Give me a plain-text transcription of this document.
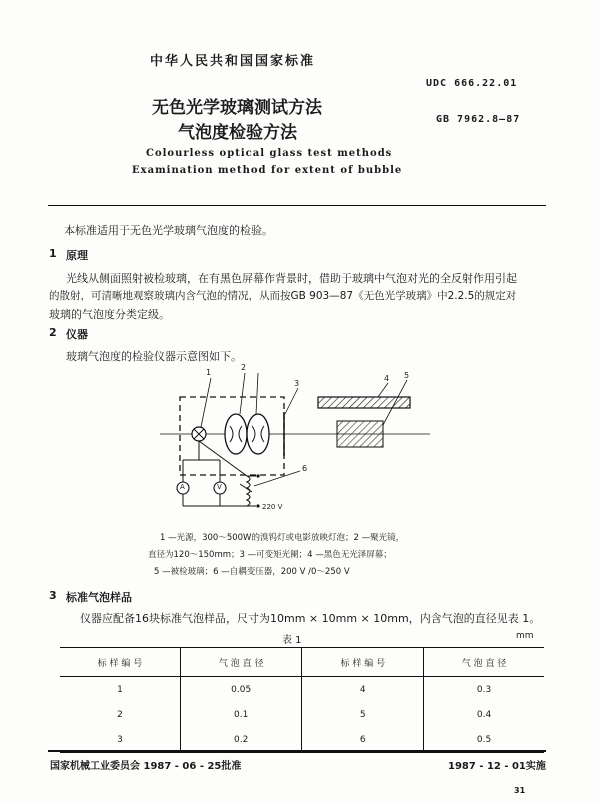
中华人民共和国国家标准
UDC 666.22.01
无色光学玻璃测试方法
气泡度检验方法
GB 7962.8—87
Colourless optical glass test methods
Examination method for extent of bubble
本标准适用于无色光学玻璃气泡度的检验。
1 原理
光线从侧面照射被检玻璃，在有黑色屏幕作背景时，借助于玻璃中气泡对光的全反射作用引起
的散射，可清晰地观察玻璃内含气泡的情况，从而按GB 903—87《无色光学玻璃》中2.2.5的规定对
玻璃的气泡度分类定级。
2 仪器
玻璃气泡度的检验仪器示意图如下。
1
2
3
4 5
6
A	V
220 V
1 —光源，300～500W的溴钨灯或电影放映灯泡；2 —聚光镜，
直径为120～150mm；3 —可变矩光阑；4 —黑色无光泽屏幕；
5 —被检玻璃；6 —自耦变压器，200 V /0～250 V
3 标准气泡样品
仪器应配备16块标准气泡样品，尺寸为10mm × 10mm × 10mm，内含气泡的直径见表 1。
表 1	mm
标 样 编 号	气 泡 直 径	标 样 编 号	气 泡 直 径
1	0.05	4	0.3
2	0.1	5	0.4
3	0.2	6	0.5
国家机械工业委员会 1987 - 06 - 25批准	1987 - 12 - 01实施
31
